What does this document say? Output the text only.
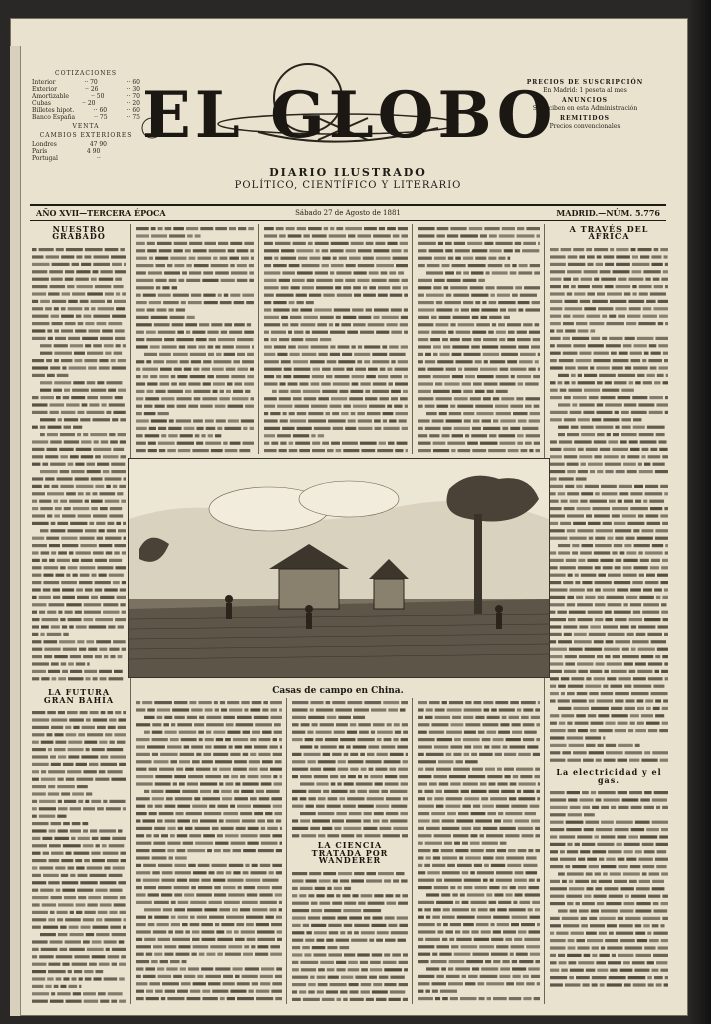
COTIZACIONES
Interior	·· 70	·· 60
Exterior	·· 26	·· 30
Amortizable	·· 50	·· 70
Cubas	·· 20	·· 20
Billetes hipot.	·· 60	·· 60
Banco España	·· 75	·· 75
VENTA
CAMBIOS EXTERIORES
Londres	47 90
París	4 90
Portugal	··
EL GLOBO
DIARIO ILUSTRADO
POLÍTICO, CIENTÍFICO Y LITERARIO
PRECIOS DE SUSCRIPCIÓN
En Madrid: 1 peseta al mes
ANUNCIOS
Se reciben en esta Administración
REMITIDOS
Precios convencionales
Sábado 27 de Agosto de 1881
AÑO XVII—TERCERA ÉPOCA	MADRID.—NÚM. 5.776
NUESTRO GRABADO
LA FUTURA GRAN BAHÍA
A TRAVÉS DEL ÁFRICA
La electricidad y el gas.
Casas de campo en China.
LA CIENCIA TRATADA POR WANDERER
